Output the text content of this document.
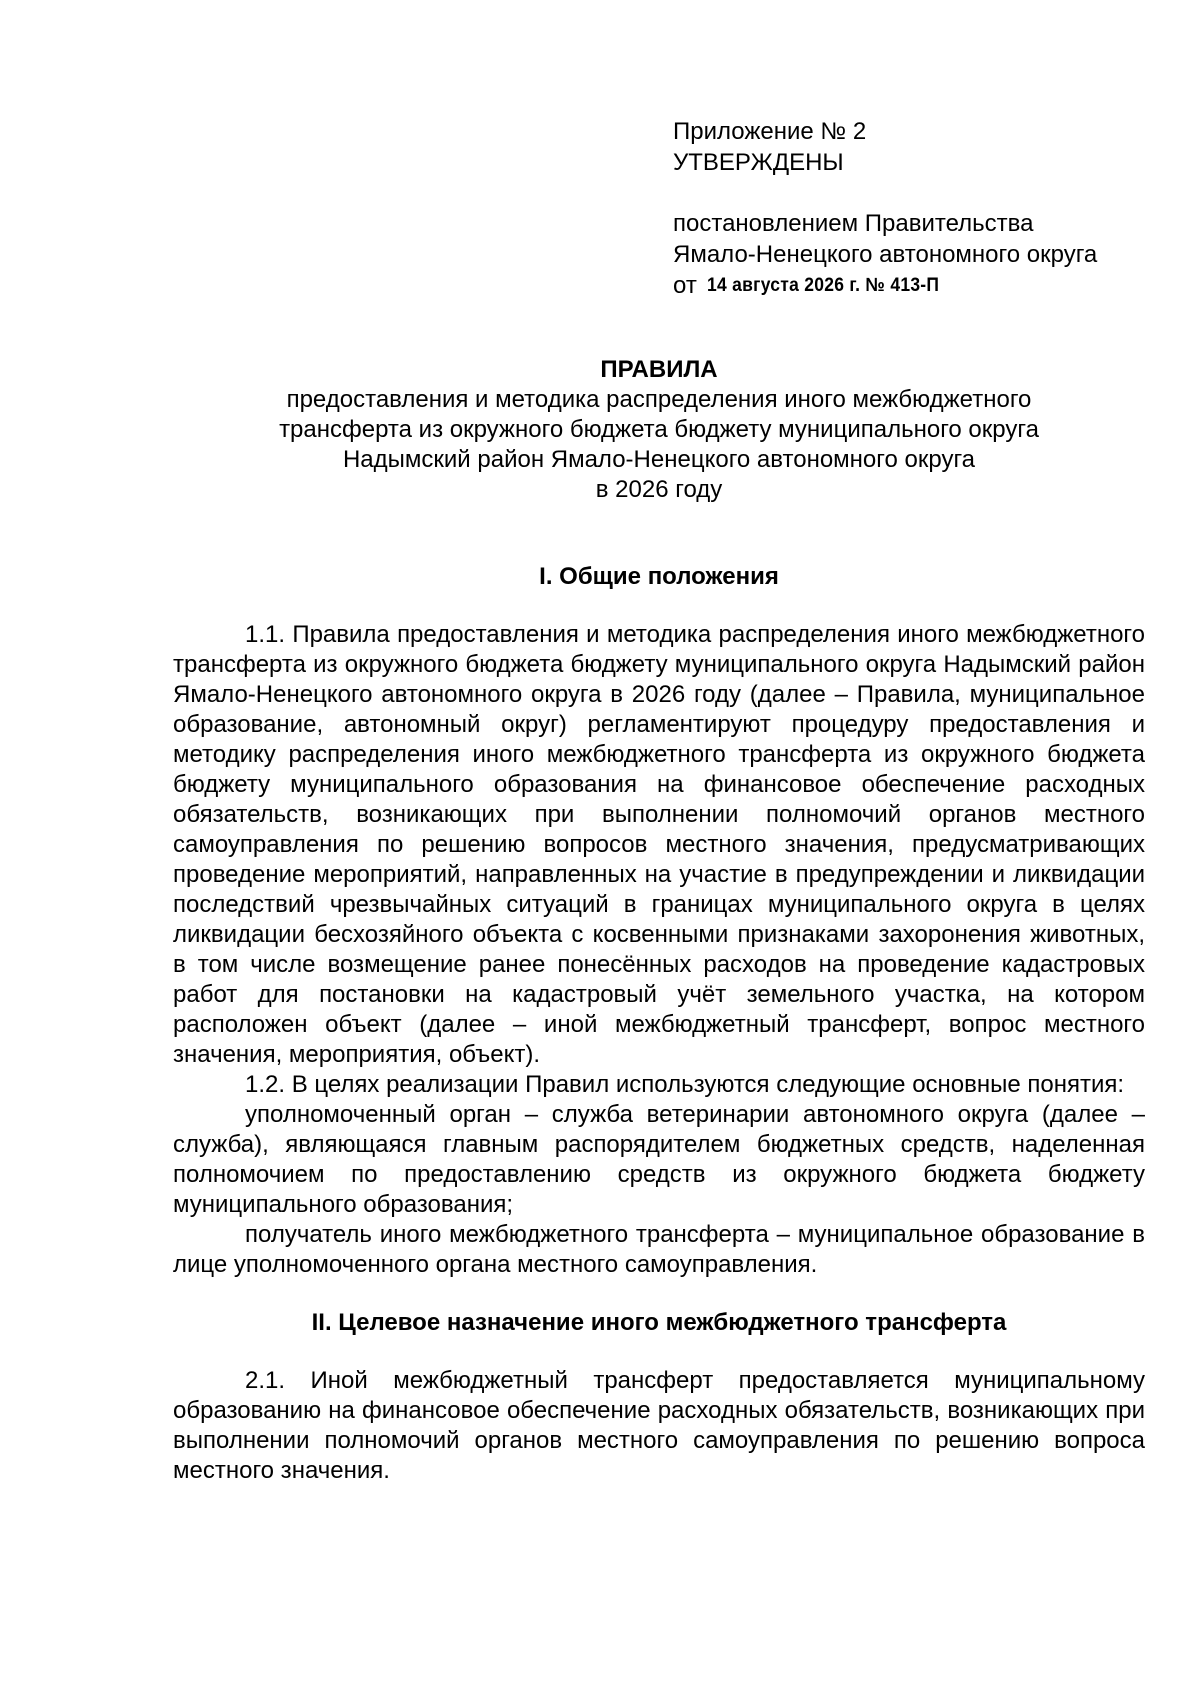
Приложение № 2
УТВЕРЖДЕНЫ
постановлением Правительства
Ямало-Ненецкого автономного округа
от 14 августа 2026 г. № 413-П

ПРАВИЛА

предоставления и методика распределения иного межбюджетного
трансферта из окружного бюджета бюджету муниципального округа
Надымский район Ямало-Ненецкого автономного округа
в 2026 году

I. Общие положения

1.1. Правила предоставления и методика распределения иного межбюджетного трансферта из окружного бюджета бюджету муниципального округа Надымский район Ямало-Ненецкого автономного округа в 2026 году (далее – Правила, муниципальное образование, автономный округ) регламентируют процедуру предоставления и методику распределения иного межбюджетного трансферта из окружного бюджета бюджету муниципального образования на финансовое обеспечение расходных обязательств, возникающих при выполнении полномочий органов местного самоуправления по решению вопросов местного значения, предусматривающих проведение мероприятий, направленных на участие в предупреждении и ликвидации последствий чрезвычайных ситуаций в границах муниципального округа в целях ликвидации бесхозяйного объекта с косвенными признаками захоронения животных, в том числе возмещение ранее понесённых расходов на проведение кадастровых работ для постановки на кадастровый учёт земельного участка, на котором расположен объект (далее – иной межбюджетный трансферт, вопрос местного значения, мероприятия, объект).

1.2. В целях реализации Правил используются следующие основные понятия:

уполномоченный орган – служба ветеринарии автономного округа (далее – служба), являющаяся главным распорядителем бюджетных средств, наделенная полномочием по предоставлению средств из окружного бюджета бюджету муниципального образования;

получатель иного межбюджетного трансферта – муниципальное образование в лице уполномоченного органа местного самоуправления.

II. Целевое назначение иного межбюджетного трансферта

2.1. Иной межбюджетный трансферт предоставляется муниципальному образованию на финансовое обеспечение расходных обязательств, возникающих при выполнении полномочий органов местного самоуправления по решению вопроса местного значения.
